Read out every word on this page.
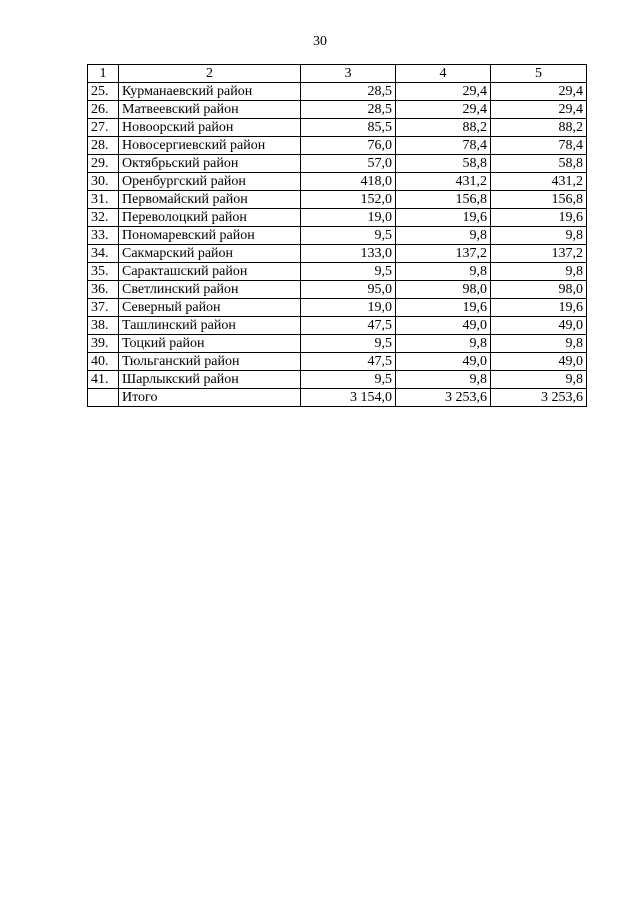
30
1	2	3	4	5
25.	Курманаевский район	28,5	29,4	29,4
26.	Матвеевский район	28,5	29,4	29,4
27.	Новоорский район	85,5	88,2	88,2
28.	Новосергиевский район	76,0	78,4	78,4
29.	Октябрьский район	57,0	58,8	58,8
30.	Оренбургский район	418,0	431,2	431,2
31.	Первомайский район	152,0	156,8	156,8
32.	Переволоцкий район	19,0	19,6	19,6
33.	Пономаревский район	9,5	9,8	9,8
34.	Сакмарский район	133,0	137,2	137,2
35.	Саракташский район	9,5	9,8	9,8
36.	Светлинский район	95,0	98,0	98,0
37.	Северный район	19,0	19,6	19,6
38.	Ташлинский район	47,5	49,0	49,0
39.	Тоцкий район	9,5	9,8	9,8
40.	Тюльганский район	47,5	49,0	49,0
41.	Шарлыкский район	9,5	9,8	9,8
	Итого	3 154,0	3 253,6	3 253,6
